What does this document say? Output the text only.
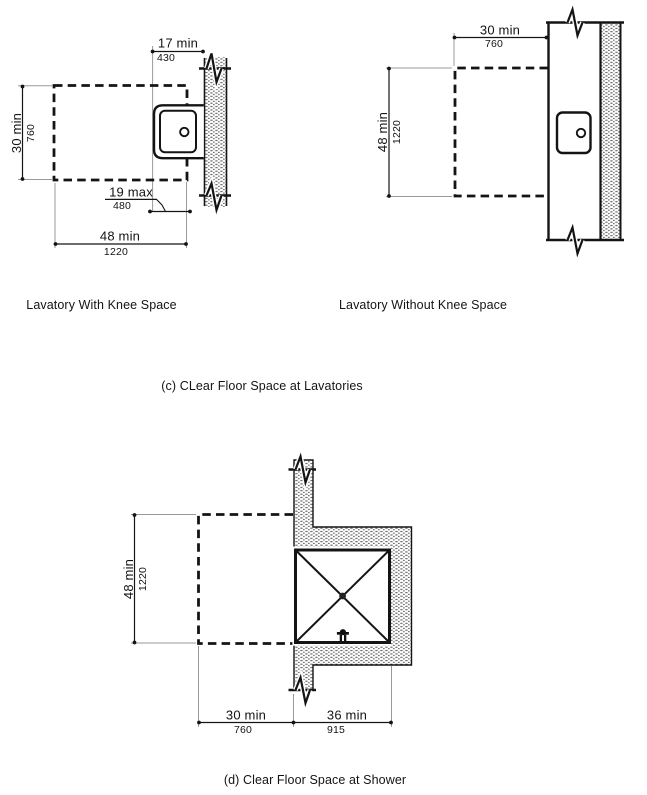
17 min
430
30 min 760
19 max
480
48 min
1220
Lavatory With Knee Space
30 min
760
48 min 1220
Lavatory Without Knee Space
(c) CLear Floor Space at Lavatories
48 min 1220
30 min
760
36 min
915
(d) Clear Floor Space at Shower
